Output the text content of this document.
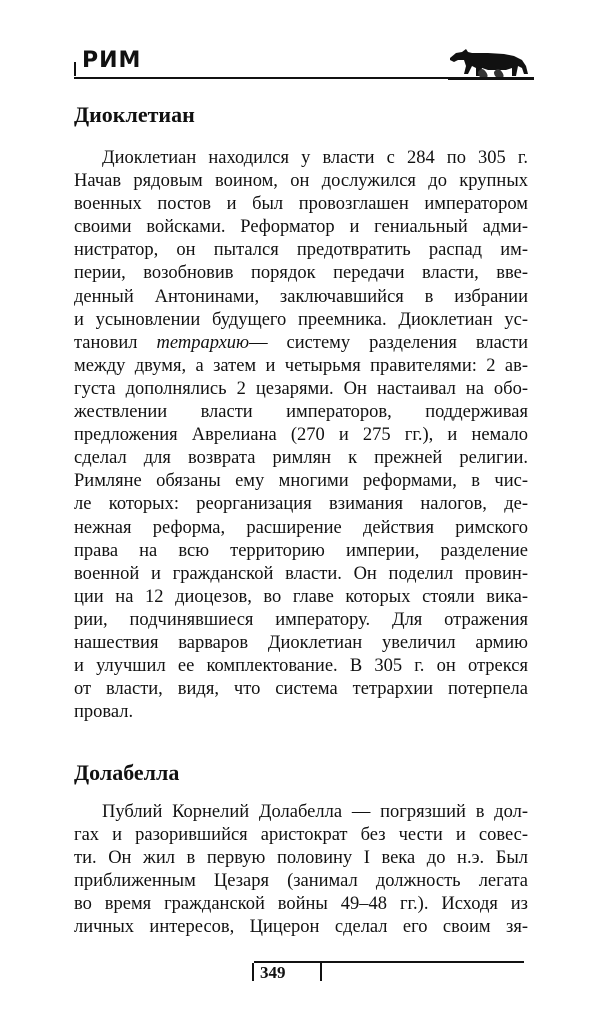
РИМ
Диоклетиан
Диоклетиан находился у власти с 284 по 305 г.
Начав рядовым воином, он дослужился до крупных
военных постов и был провозглашен императором
своими войсками. Реформатор и гениальный адми-
нистратор, он пытался предотвратить распад им-
перии, возобновив порядок передачи власти, вве-
денный Антонинами, заключавшийся в избрании
и усыновлении будущего преемника. Диоклетиан ус-
тановил тетрархию— систему разделения власти
между двумя, а затем и четырьмя правителями: 2 ав-
густа дополнялись 2 цезарями. Он настаивал на обо-
жествлении власти императоров, поддерживая
предложения Аврелиана (270 и 275 гг.), и немало
сделал для возврата римлян к прежней религии.
Римляне обязаны ему многими реформами, в чис-
ле которых: реорганизация взимания налогов, де-
нежная реформа, расширение действия римского
права на всю территорию империи, разделение
военной и гражданской власти. Он поделил провин-
ции на 12 диоцезов, во главе которых стояли вика-
рии, подчинявшиеся императору. Для отражения
нашествия варваров Диоклетиан увеличил армию
и улучшил ее комплектование. В 305 г. он отрекся
от власти, видя, что система тетрархии потерпела
провал.
Долабелла
Публий Корнелий Долабелла — погрязший в дол-
гах и разорившийся аристократ без чести и совес-
ти. Он жил в первую половину I века до н.э. Был
приближенным Цезаря (занимал должность легата
во время гражданской войны 49–48 гг.). Исходя из
личных интересов, Цицерон сделал его своим зя-
349
